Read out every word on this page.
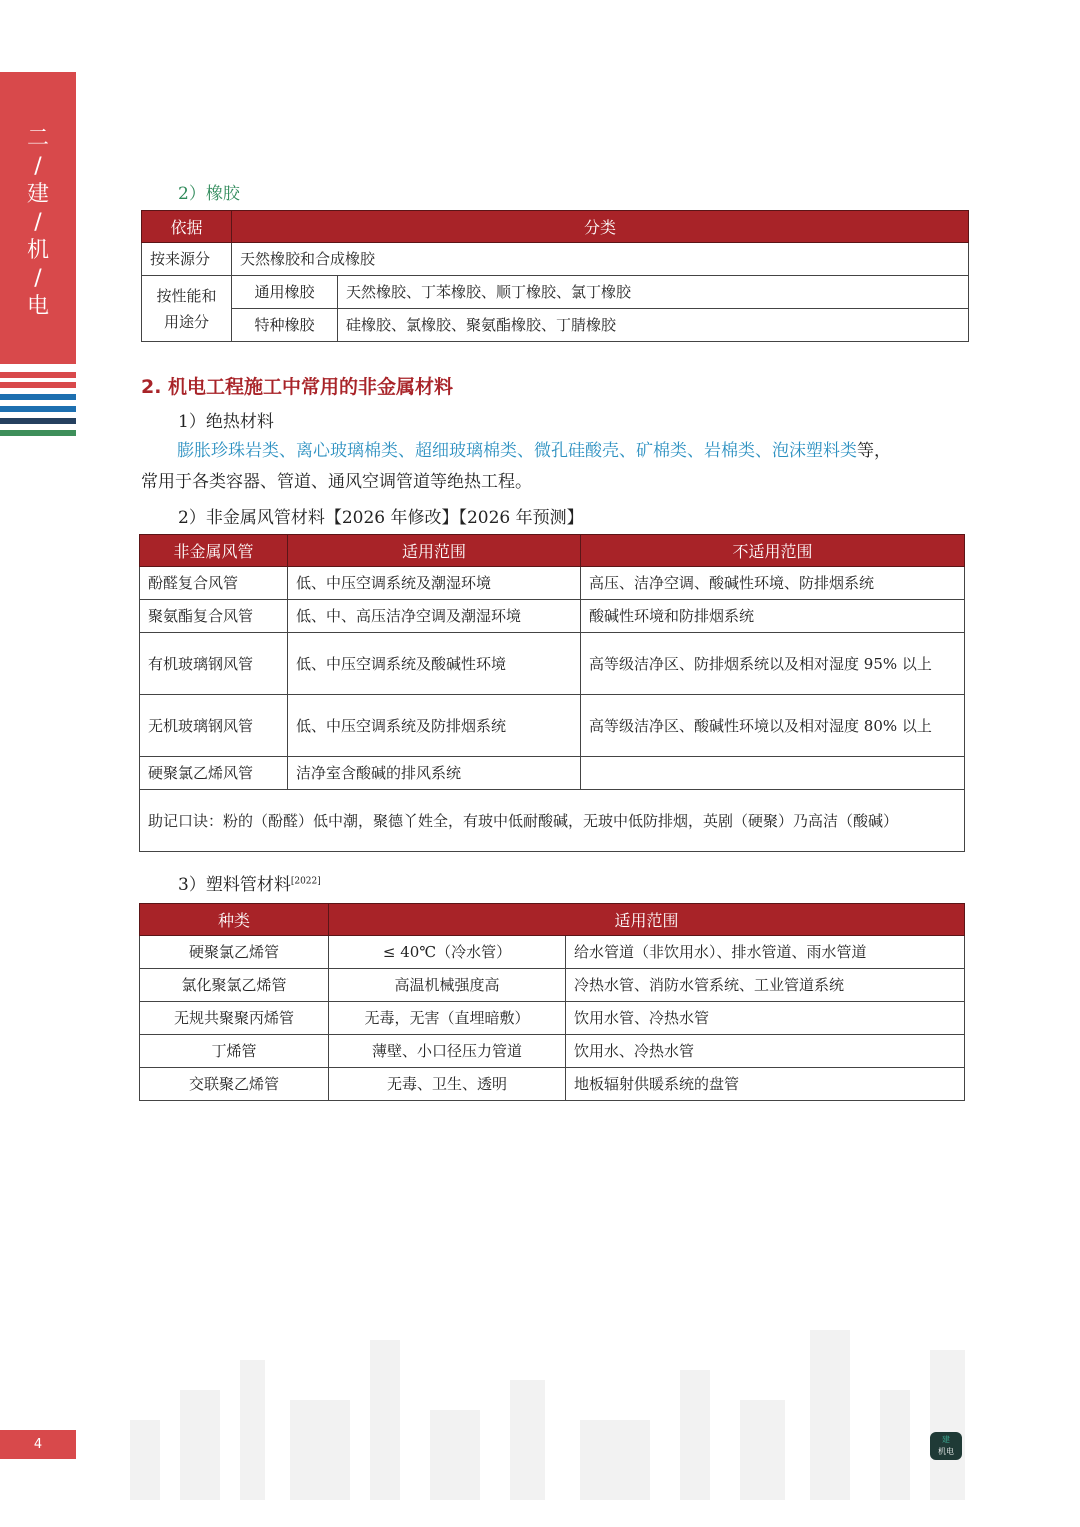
二
/
建
/
机
/
电
2）橡胶
依据	分类	
按来源分	天然橡胶和合成橡胶	

按性能和
用途分	通用橡胶	天然橡胶、丁苯橡胶、顺丁橡胶、氯丁橡胶
	特种橡胶	硅橡胶、氯橡胶、聚氨酯橡胶、丁腈橡胶
2. 机电工程施工中常用的非金属材料
1）绝热材料
膨胀珍珠岩类、离心玻璃棉类、超细玻璃棉类、微孔硅酸壳、矿棉类、岩棉类、泡沫塑料类等，
常用于各类容器、管道、通风空调管道等绝热工程。
2）非金属风管材料【2026 年修改】【2026 年预测】
非金属风管	适用范围	不适用范围
酚醛复合风管	低、中压空调系统及潮湿环境	高压、洁净空调、酸碱性环境、防排烟系统
聚氨酯复合风管	低、中、高压洁净空调及潮湿环境	酸碱性环境和防排烟系统
有机玻璃钢风管	低、中压空调系统及酸碱性环境	高等级洁净区、防排烟系统以及相对湿度 95% 以上
无机玻璃钢风管	低、中压空调系统及防排烟系统	高等级洁净区、酸碱性环境以及相对湿度 80% 以上
硬聚氯乙烯风管	洁净室含酸碱的排风系统	
助记口诀：粉的（酚醛）低中潮，聚德丫姓全，有玻中低耐酸碱，无玻中低防排烟，英剧（硬聚）乃高洁（酸碱）		
3）塑料管材料[2022]
种类	适用范围	
硬聚氯乙烯管	≤ 40℃（冷水管）	给水管道（非饮用水）、排水管道、雨水管道
氯化聚氯乙烯管	高温机械强度高	冷热水管、消防水管系统、工业管道系统
无规共聚聚丙烯管	无毒，无害（直埋暗敷）	饮用水管、冷热水管
丁烯管	薄壁、小口径压力管道	饮用水、冷热水管
交联聚乙烯管	无毒、卫生、透明	地板辐射供暖系统的盘管
4	建
机电
